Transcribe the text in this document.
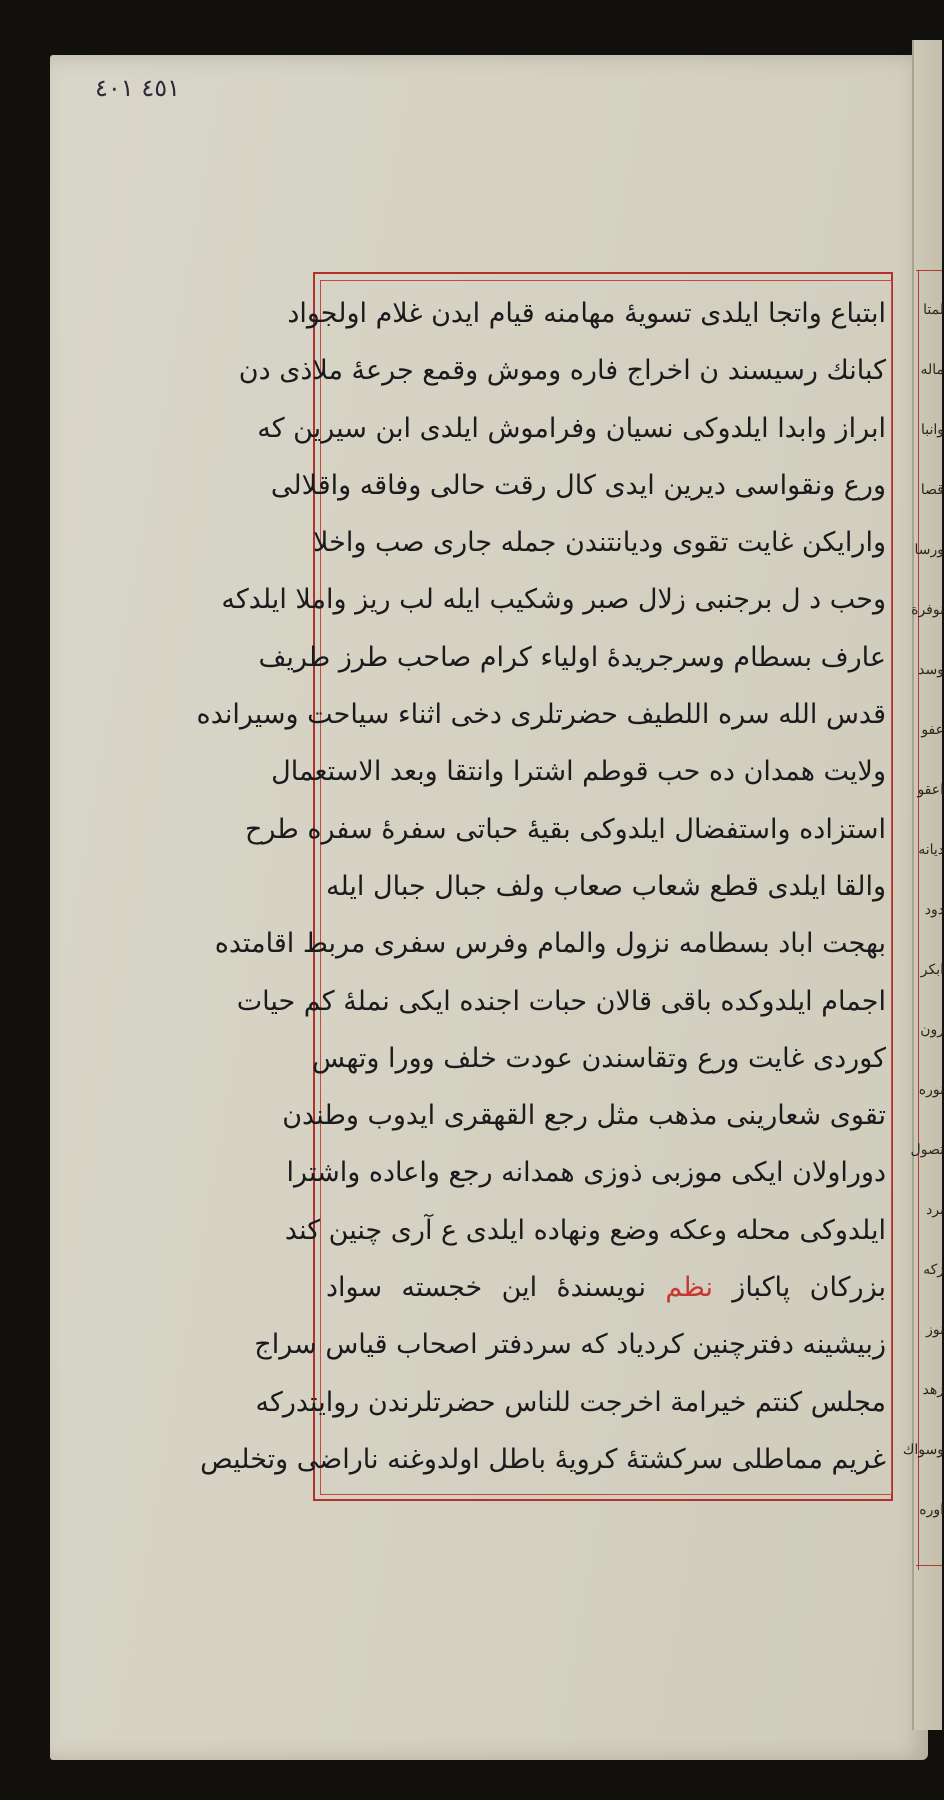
لمتا
ماله
وانبا
قصا
ورسا
نوفرة
وسد
عفو
اعقو
ديانه
دود
ابكر
رون
نوره
تصول
برد
زكه
نوز
زهد
وسواك
اوره
٤٥١ ٤٠١
ابتباع واتجا ايلدى تسويهٔ مهامنه قيام ايدن غلام اولجواد
كبانك رسيسند ن اخراج فاره وموش وقمع جرعهٔ ملاذى دن
ابراز وابدا ايلدوكى نسيان وفراموش ايلدى ابن سيرين كه
ورع ونقواسى ديرين ايدى كال رقت حالى وفاقه واقلالى
وارايكن غايت تقوى وديانتندن جمله جارى صب واخلا
وحب د ل برجنبى زلال صبر وشكيب ايله لب ريز واملا ايلدكه
عارف بسطام وسرجريدهٔ اولياء كرام صاحب طرز طريف
قدس الله سره اللطيف حضرتلرى دخى اثناء سياحت وسيرانده
ولايت همدان ده حب قوطم اشترا وانتقا وبعد الاستعمال
استزاده واستفضال ايلدوكى بقيهٔ حباتى سفرهٔ سفره طرح
والقا ايلدى قطع شعاب صعاب ولف جبال جبال ايله
بهجت اباد بسطامه نزول والمام وفرس سفرى مربط اقامتده
اجمام ايلدوكده باقى قالان حبات اجنده ايكى نملهٔ كم حيات
كوردى غايت ورع وتقاسندن عودت خلف وورا وتهس
تقوى شعارينى مذهب مثل رجع القهقرى ايدوب وطندن
دوراولان ايكى موزبى ذوزى همدانه رجع واعاده واشترا
ايلدوكى محله وعكه وضع ونهاده ايلدى ع آرى چنين كند
بزركان پاكباز نظم نويسندهٔ اين خجسته سواد
زبيشينه دفترچنين كردياد كه سردفتر اصحاب قياس سراج
مجلس كنتم خيرامة اخرجت للناس حضرتلرندن روايتدركه
غريم مماطلى سركشتهٔ كرويهٔ باطل اولدوغنه ناراضى وتخليص
